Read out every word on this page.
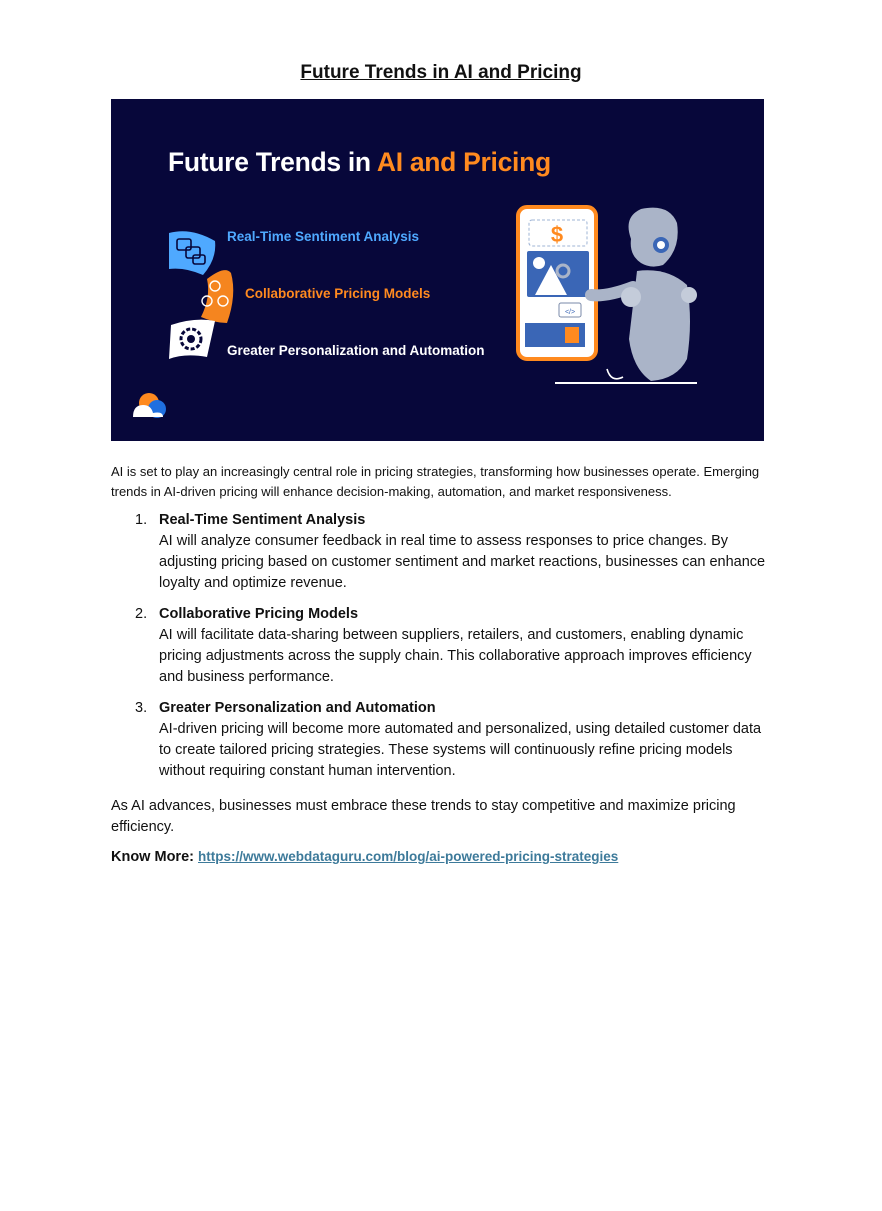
Future Trends in AI and Pricing
Future Trends in AI and Pricing
$
</>
Real-Time Sentiment Analysis
Collaborative Pricing Models
Greater Personalization and Automation

AI is set to play an increasingly central role in pricing strategies, transforming how businesses operate. Emerging trends in AI-driven pricing will enhance decision-making, automation, and market responsiveness.

1. Real-Time Sentiment Analysis
AI will analyze consumer feedback in real time to assess responses to price changes. By adjusting pricing based on customer sentiment and market reactions, businesses can enhance loyalty and optimize revenue.
2. Collaborative Pricing Models
AI will facilitate data-sharing between suppliers, retailers, and customers, enabling dynamic pricing adjustments across the supply chain. This collaborative approach improves efficiency and business performance.
3. Greater Personalization and Automation
AI-driven pricing will become more automated and personalized, using detailed customer data to create tailored pricing strategies. These systems will continuously refine pricing models without requiring constant human intervention.

As AI advances, businesses must embrace these trends to stay competitive and maximize pricing efficiency.

Know More: https://www.webdataguru.com/blog/ai-powered-pricing-strategies
